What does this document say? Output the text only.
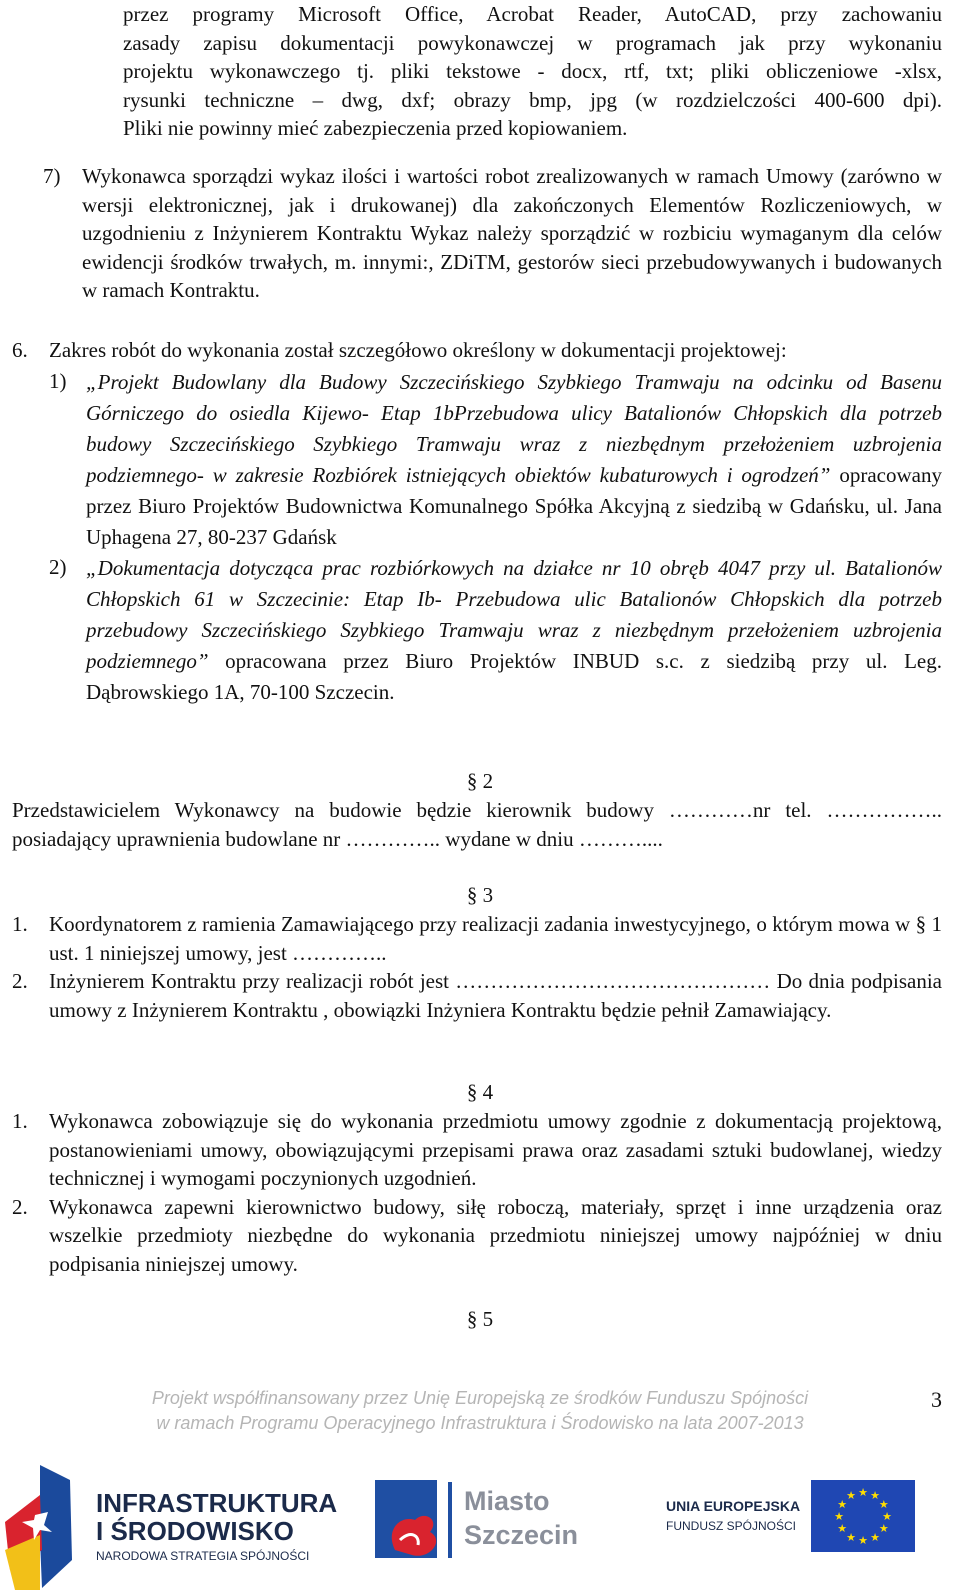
przez programy Microsoft Office, Acrobat Reader, AutoCAD, przy zachowaniu

zasady zapisu dokumentacji powykonawczej w programach jak przy wykonaniu

projektu wykonawczego tj. pliki tekstowe - docx, rtf, txt; pliki obliczeniowe -xlsx,

rysunki techniczne – dwg, dxf; obrazy bmp, jpg (w rozdzielczości 400-600 dpi).

Pliki nie powinny mieć zabezpieczenia przed kopiowaniem.

7) Wykonawca sporządzi wykaz ilości i wartości robot zrealizowanych w ramach Umowy (zarówno w wersji elektronicznej, jak i drukowanej) dla zakończonych Elementów Rozliczeniowych, w uzgodnieniu z Inżynierem Kontraktu Wykaz należy sporządzić w rozbiciu wymaganym dla celów ewidencji środków trwałych, m. innymi:, ZDiTM, gestorów sieci przebudowywanych i budowanych w ramach Kontraktu.
6. Zakres robót do wykonania został szczegółowo określony w dokumentacji projektowej:
1) „Projekt Budowlany dla Budowy Szczecińskiego Szybkiego Tramwaju na odcinku od Basenu Górniczego do osiedla Kijewo- Etap 1bPrzebudowa ulicy Batalionów Chłopskich dla potrzeb budowy Szczecińskiego Szybkiego Tramwaju wraz z niezbędnym przełożeniem uzbrojenia podziemnego- w zakresie Rozbiórek istniejących obiektów kubaturowych i ogrodzeń” opracowany przez Biuro Projektów Budownictwa Komunalnego Spółka Akcyjną z siedzibą w Gdańsku, ul. Jana Uphagena 27, 80-237 Gdańsk
2) „Dokumentacja dotycząca prac rozbiórkowych na działce nr 10 obręb 4047 przy ul. Batalionów Chłopskich 61 w Szczecinie: Etap Ib- Przebudowa ulic Batalionów Chłopskich dla potrzeb przebudowy Szczecińskiego Szybkiego Tramwaju wraz z niezbędnym przełożeniem uzbrojenia podziemnego” opracowana przez Biuro Projektów INBUD s.c. z siedzibą przy ul. Leg. Dąbrowskiego 1A, 70-100 Szczecin.
§ 2
Przedstawicielem Wykonawcy na budowie będzie kierownik budowy …………nr tel. …………….. posiadający uprawnienia budowlane nr ………….. wydane w dniu ………....
§ 3
1. Koordynatorem z ramienia Zamawiającego przy realizacji zadania inwestycyjnego, o którym mowa w § 1 ust. 1 niniejszej umowy, jest …………..
2. Inżynierem Kontraktu przy realizacji robót jest ……………………………………… Do dnia podpisania umowy z Inżynierem Kontraktu , obowiązki Inżyniera Kontraktu będzie pełnił Zamawiający.
§ 4
1. Wykonawca zobowiązuje się do wykonania przedmiotu umowy zgodnie z dokumentacją projektową, postanowieniami umowy, obowiązującymi przepisami prawa oraz zasadami sztuki budowlanej, wiedzy technicznej i wymogami poczynionych uzgodnień.
2. Wykonawca zapewni kierownictwo budowy, siłę roboczą, materiały, sprzęt i inne urządzenia oraz wszelkie przedmioty niezbędne do wykonania przedmiotu niniejszej umowy najpóźniej w dniu podpisania niniejszej umowy.
§ 5
Projekt współfinansowany przez Unię Europejską ze środków Funduszu Spójności
w ramach Programu Operacyjnego Infrastruktura i Środowisko na lata 2007-2013
3
INFRASTRUKTURA
I ŚRODOWISKO
NARODOWA STRATEGIA SPÓJNOŚCI
Miasto
Szczecin
UNIA EUROPEJSKA
FUNDUSZ SPÓJNOŚCI
★ ★
★
★
★
★
★
★
★
★
★
★
